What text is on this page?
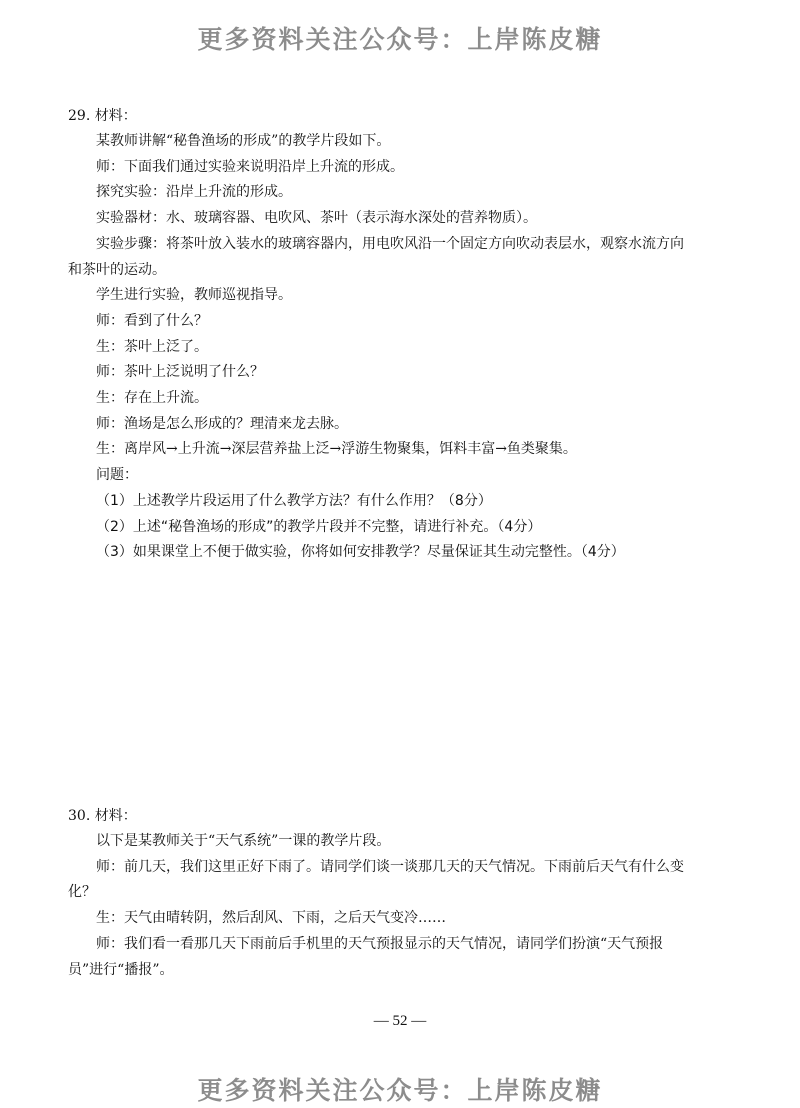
更多资料关注公众号：上岸陈皮糖
29. 材料：
某教师讲解“秘鲁渔场的形成”的教学片段如下。
师：下面我们通过实验来说明沿岸上升流的形成。
探究实验：沿岸上升流的形成。
实验器材：水、玻璃容器、电吹风、茶叶（表示海水深处的营养物质）。

实验步骤：将茶叶放入装水的玻璃容器内，用电吹风沿一个固定方向吹动表层水，观察水流方向和茶叶的运动。

学生进行实验，教师巡视指导。
师：看到了什么？
生：茶叶上泛了。
师：茶叶上泛说明了什么？
生：存在上升流。
师：渔场是怎么形成的？理清来龙去脉。
生：离岸风→上升流→深层营养盐上泛→浮游生物聚集，饵料丰富→鱼类聚集。
问题：
（1）上述教学片段运用了什么教学方法？有什么作用？（8分）
（2）上述“秘鲁渔场的形成”的教学片段并不完整，请进行补充。（4分）
（3）如果课堂上不便于做实验，你将如何安排教学？尽量保证其生动完整性。（4分）
30. 材料：
以下是某教师关于“天气系统”一课的教学片段。

师：前几天，我们这里正好下雨了。请同学们谈一谈那几天的天气情况。下雨前后天气有什么变化？

生：天气由晴转阴，然后刮风、下雨，之后天气变冷……

师：我们看一看那几天下雨前后手机里的天气预报显示的天气情况，请同学们扮演“天气预报员”进行“播报”。

— 52 —
更多资料关注公众号：上岸陈皮糖
